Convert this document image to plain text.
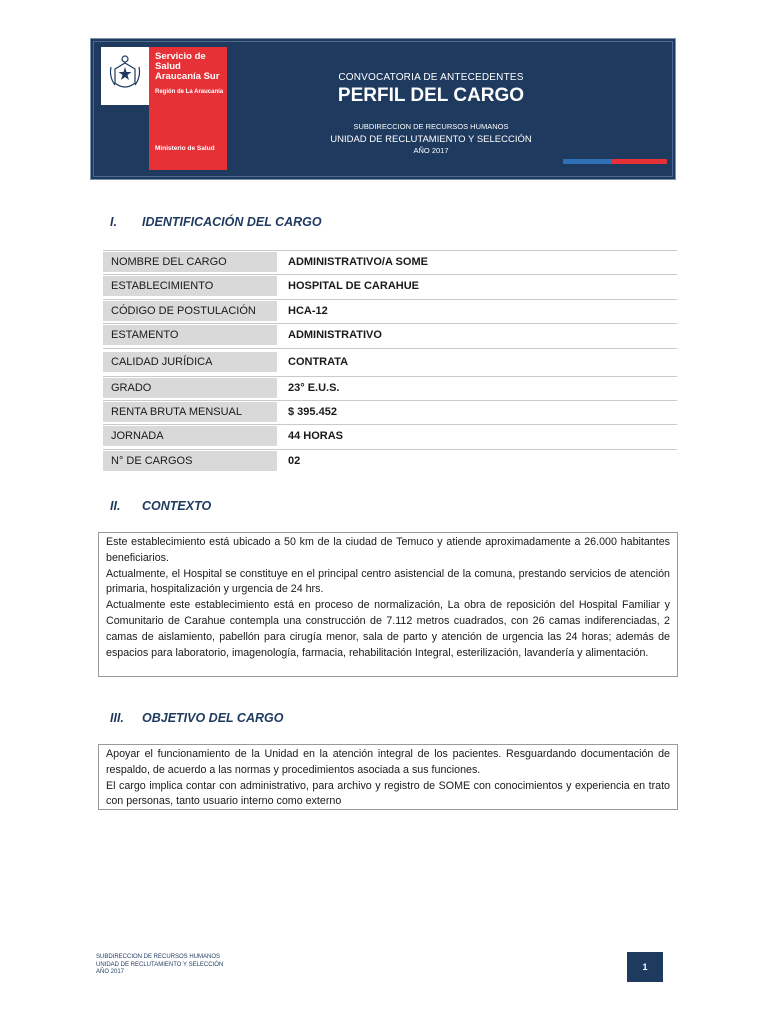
Servicio de Salud Araucanía Sur
Región de La Araucanía
Ministerio de Salud
CONVOCATORIA DE ANTECEDENTES
PERFIL DEL CARGO
SUBDIRECCION DE RECURSOS HUMANOS
UNIDAD DE RECLUTAMIENTO Y SELECCIÓN
AÑO 2017
I. IDENTIFICACIÓN DEL CARGO
NOMBRE DEL CARGO	ADMINISTRATIVO/A SOME
ESTABLECIMIENTO	HOSPITAL DE CARAHUE
CÓDIGO DE POSTULACIÓN	HCA-12
ESTAMENTO	ADMINISTRATIVO
CALIDAD JURÍDICA	CONTRATA
GRADO	23° E.U.S.
RENTA BRUTA MENSUAL	$ 395.452
JORNADA	44 HORAS
N° DE CARGOS	02
II. CONTEXTO

Este establecimiento está ubicado a 50 km de la ciudad de Temuco y atiende aproximadamente a 26.000 habitantes beneficiarios.

Actualmente, el Hospital se constituye en el principal centro asistencial de la comuna, prestando servicios de atención primaria, hospitalización y urgencia de 24 hrs.

Actualmente este establecimiento está en proceso de normalización, La obra de reposición del Hospital Familiar y Comunitario de Carahue contempla una construcción de 7.112 metros cuadrados, con 26 camas indiferenciadas, 2 camas de aislamiento, pabellón para cirugía menor, sala de parto y atención de urgencia las 24 horas; además de espacios para laboratorio, imagenología, farmacia, rehabilitación Integral, esterilización, lavandería y alimentación.

III. OBJETIVO DEL CARGO

Apoyar el funcionamiento de la Unidad en la atención integral de los pacientes. Resguardando documentación de respaldo, de acuerdo a las normas y procedimientos asociada a sus funciones.

El cargo implica contar con administrativo, para archivo y registro de SOME con conocimientos y experiencia en trato con personas, tanto usuario interno como externo

SUBDIRECCION DE RECURSOS HUMANOS
UNIDAD DE RECLUTAMIENTO Y SELECCIÓN
AÑO 2017	1
